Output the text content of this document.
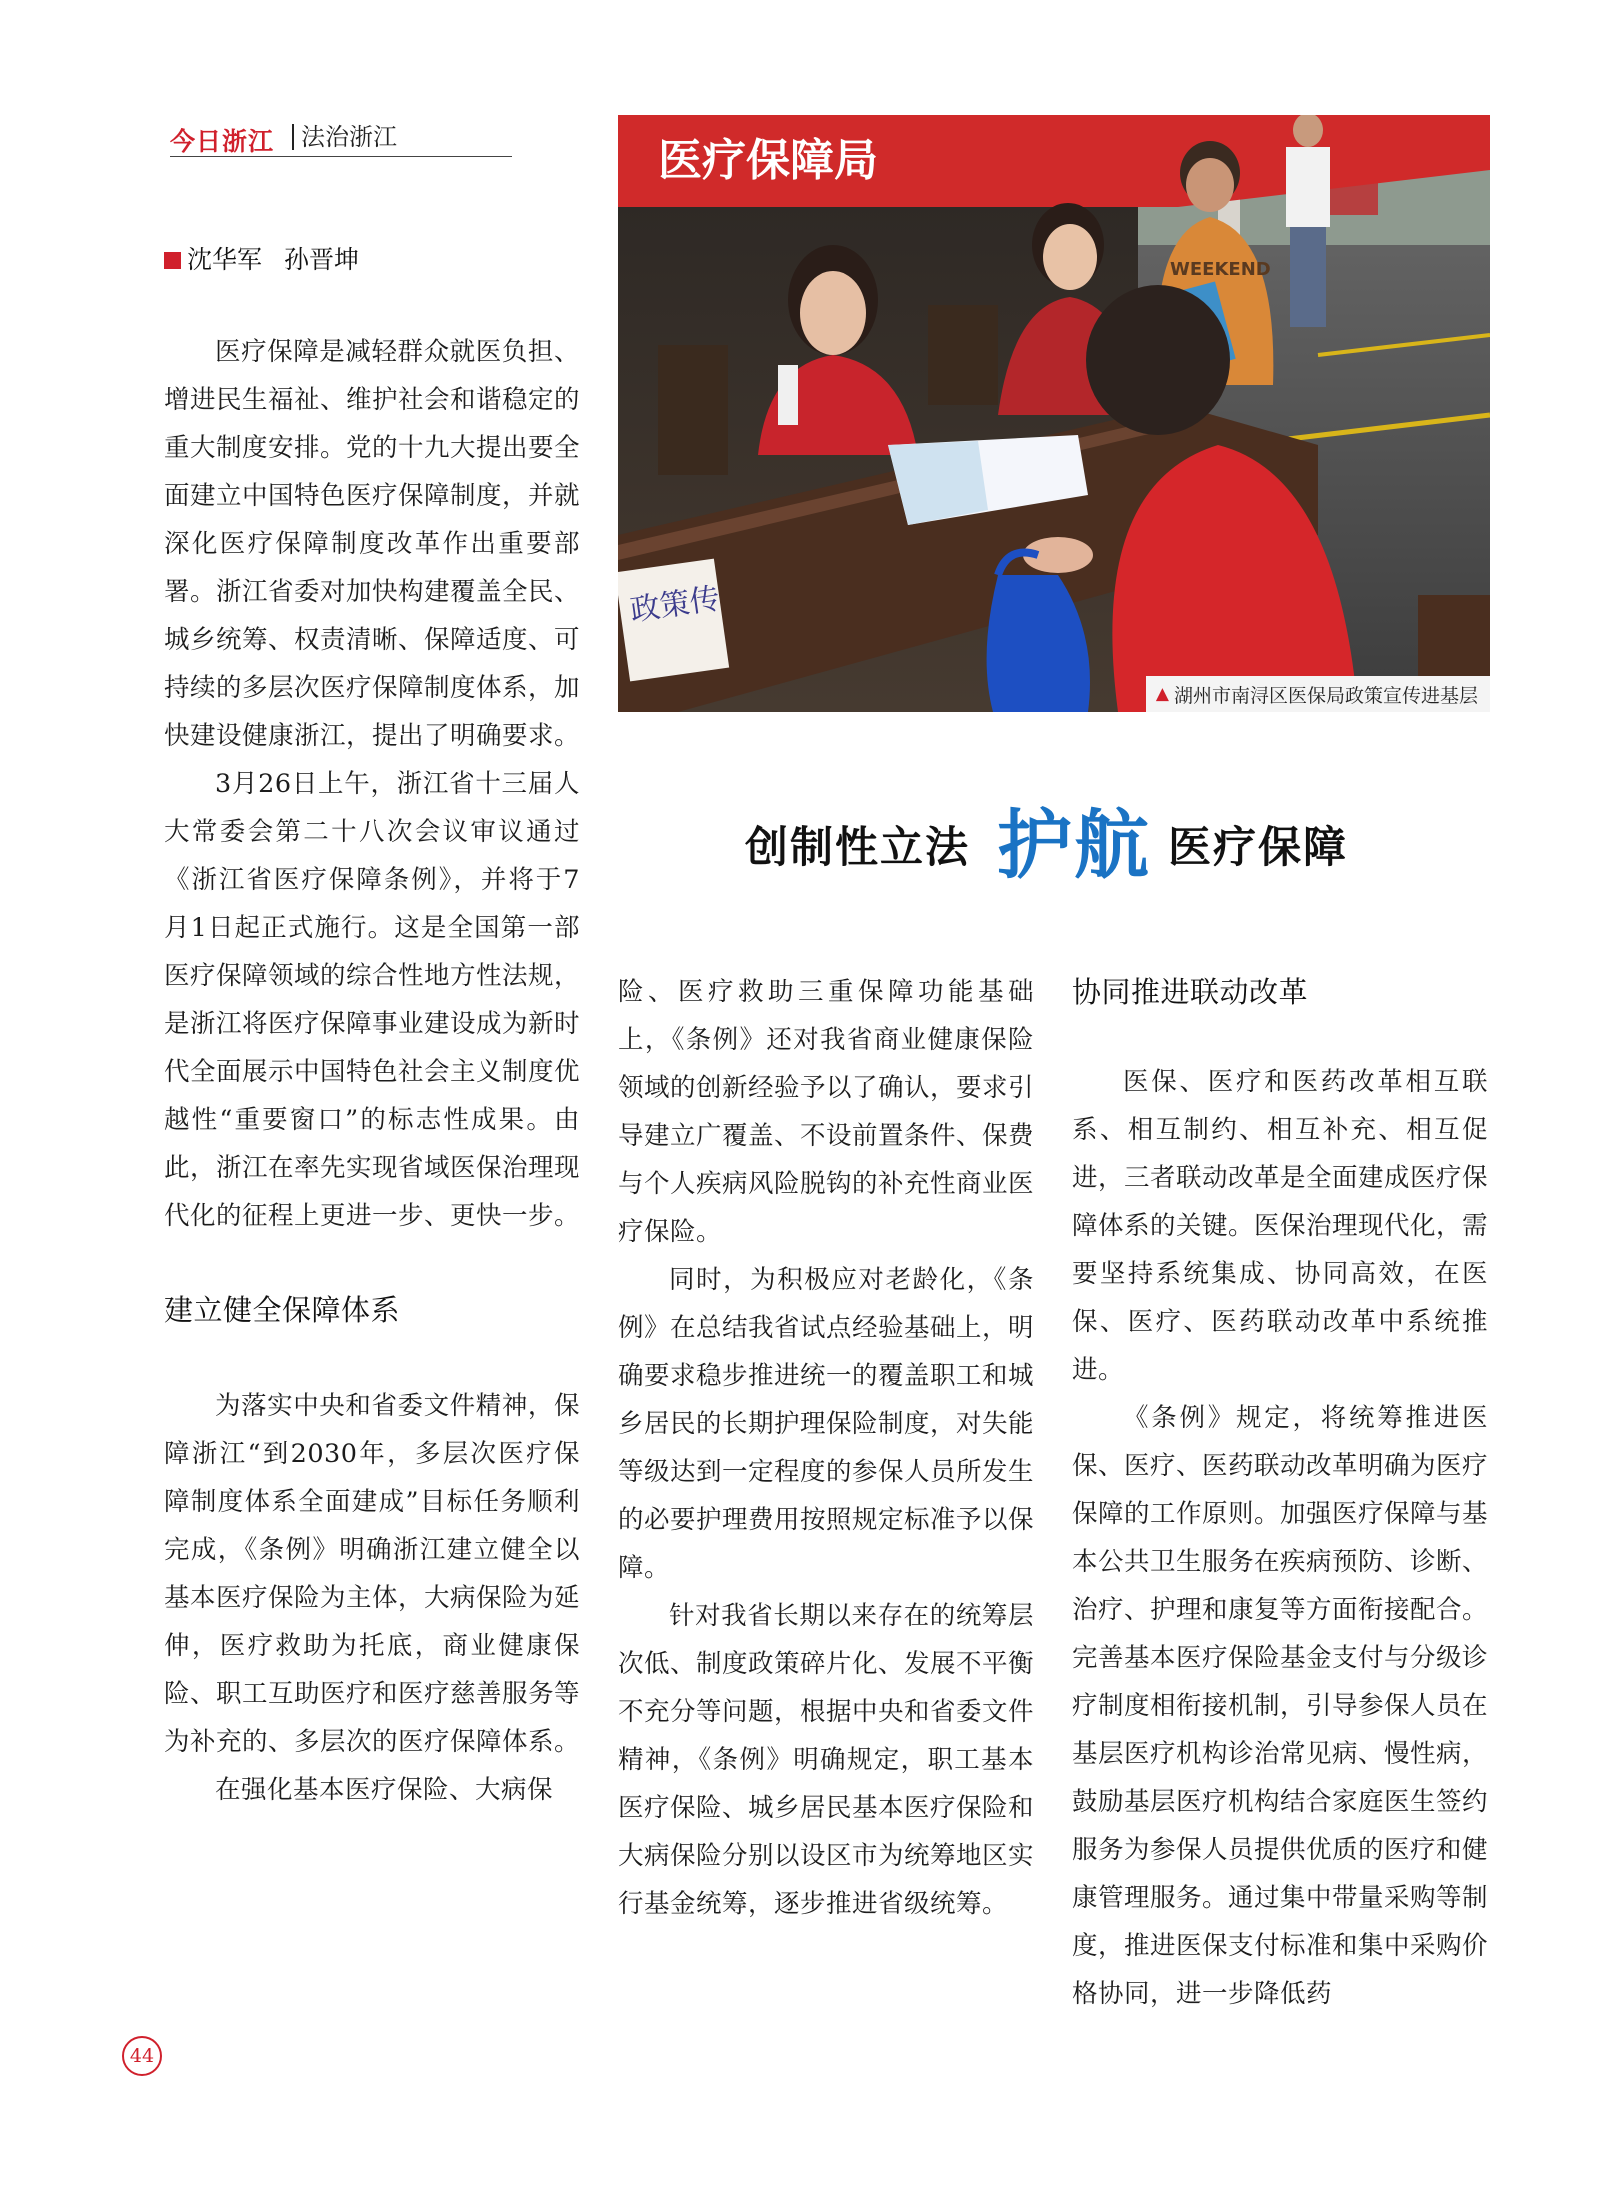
今日浙江	法治浙江
沈华军 孙晋坤
医疗保障局
政策传
WEEKEND
▲ 湖州市南浔区医保局政策宣传进基层
创制性立法 护航 医疗保障

医疗保障是减轻群众就医负担、增进民生福祉、维护社会和谐稳定的重大制度安排。党的十九大提出要全面建立中国特色医疗保障制度，并就深化医疗保障制度改革作出重要部署。浙江省委对加快构建覆盖全民、城乡统筹、权责清晰、保障适度、可持续的多层次医疗保障制度体系，加快建设健康浙江，提出了明确要求。

3月26日上午，浙江省十三届人大常委会第二十八次会议审议通过《浙江省医疗保障条例》，并将于7月1日起正式施行。这是全国第一部医疗保障领域的综合性地方性法规，是浙江将医疗保障事业建设成为新时代全面展示中国特色社会主义制度优越性“重要窗口”的标志性成果。由此，浙江在率先实现省域医保治理现代化的征程上更进一步、更快一步。

建立健全保障体系

为落实中央和省委文件精神，保障浙江“到2030年，多层次医疗保障制度体系全面建成”目标任务顺利完成，《条例》明确浙江建立健全以基本医疗保险为主体，大病保险为延伸，医疗救助为托底，商业健康保险、职工互助医疗和医疗慈善服务等为补充的、多层次的医疗保障体系。

在强化基本医疗保险、大病保

险、医疗救助三重保障功能基础上，《条例》还对我省商业健康保险领域的创新经验予以了确认，要求引导建立广覆盖、不设前置条件、保费与个人疾病风险脱钩的补充性商业医疗保险。

同时，为积极应对老龄化，《条例》在总结我省试点经验基础上，明确要求稳步推进统一的覆盖职工和城乡居民的长期护理保险制度，对失能等级达到一定程度的参保人员所发生的必要护理费用按照规定标准予以保障。

针对我省长期以来存在的统筹层次低、制度政策碎片化、发展不平衡不充分等问题，根据中央和省委文件精神，《条例》明确规定，职工基本医疗保险、城乡居民基本医疗保险和大病保险分别以设区市为统筹地区实行基金统筹，逐步推进省级统筹。

协同推进联动改革

医保、医疗和医药改革相互联系、相互制约、相互补充、相互促进，三者联动改革是全面建成医疗保障体系的关键。医保治理现代化，需要坚持系统集成、协同高效，在医保、医疗、医药联动改革中系统推进。

《条例》规定，将统筹推进医保、医疗、医药联动改革明确为医疗保障的工作原则。加强医疗保障与基本公共卫生服务在疾病预防、诊断、治疗、护理和康复等方面衔接配合。完善基本医疗保险基金支付与分级诊疗制度相衔接机制，引导参保人员在基层医疗机构诊治常见病、慢性病，鼓励基层医疗机构结合家庭医生签约服务为参保人员提供优质的医疗和健康管理服务。通过集中带量采购等制度，推进医保支付标准和集中采购价格协同，进一步降低药

44
